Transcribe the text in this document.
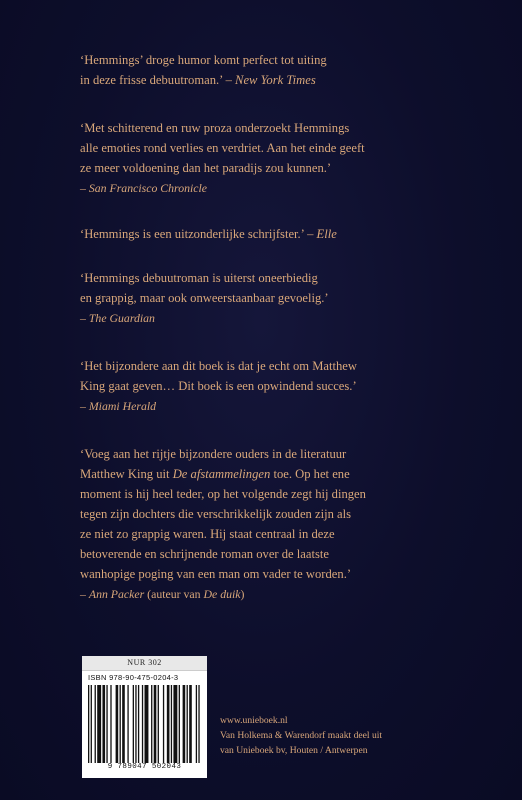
‘Hemmings’ droge humor komt perfect tot uiting
in deze frisse debuutroman.’ – New York Times

‘Met schitterend en ruw proza onderzoekt Hemmings
alle emoties rond verlies en verdriet. Aan het einde geeft
ze meer voldoening dan het paradijs zou kunnen.’
– San Francisco Chronicle

‘Hemmings is een uitzonderlijke schrijfster.’ – Elle

‘Hemmings debuutroman is uiterst oneerbiedig
en grappig, maar ook onweerstaanbaar gevoelig.’
– The Guardian

‘Het bijzondere aan dit boek is dat je echt om Matthew
King gaat geven… Dit boek is een opwindend succes.’
– Miami Herald

‘Voeg aan het rijtje bijzondere ouders in de literatuur
Matthew King uit De afstammelingen toe. Op het ene
moment is hij heel teder, op het volgende zegt hij dingen
tegen zijn dochters die verschrikkelijk zouden zijn als
ze niet zo grappig waren. Hij staat centraal in deze
betoverende en schrijnende roman over de laatste
wanhopige poging van een man om vader te worden.’
– Ann Packer (auteur van De duik)

NUR 302
ISBN 978-90-475-0204-3
9 789047 502043
www.unieboek.nl
Van Holkema & Warendorf maakt deel uit
van Unieboek bv, Houten / Antwerpen
